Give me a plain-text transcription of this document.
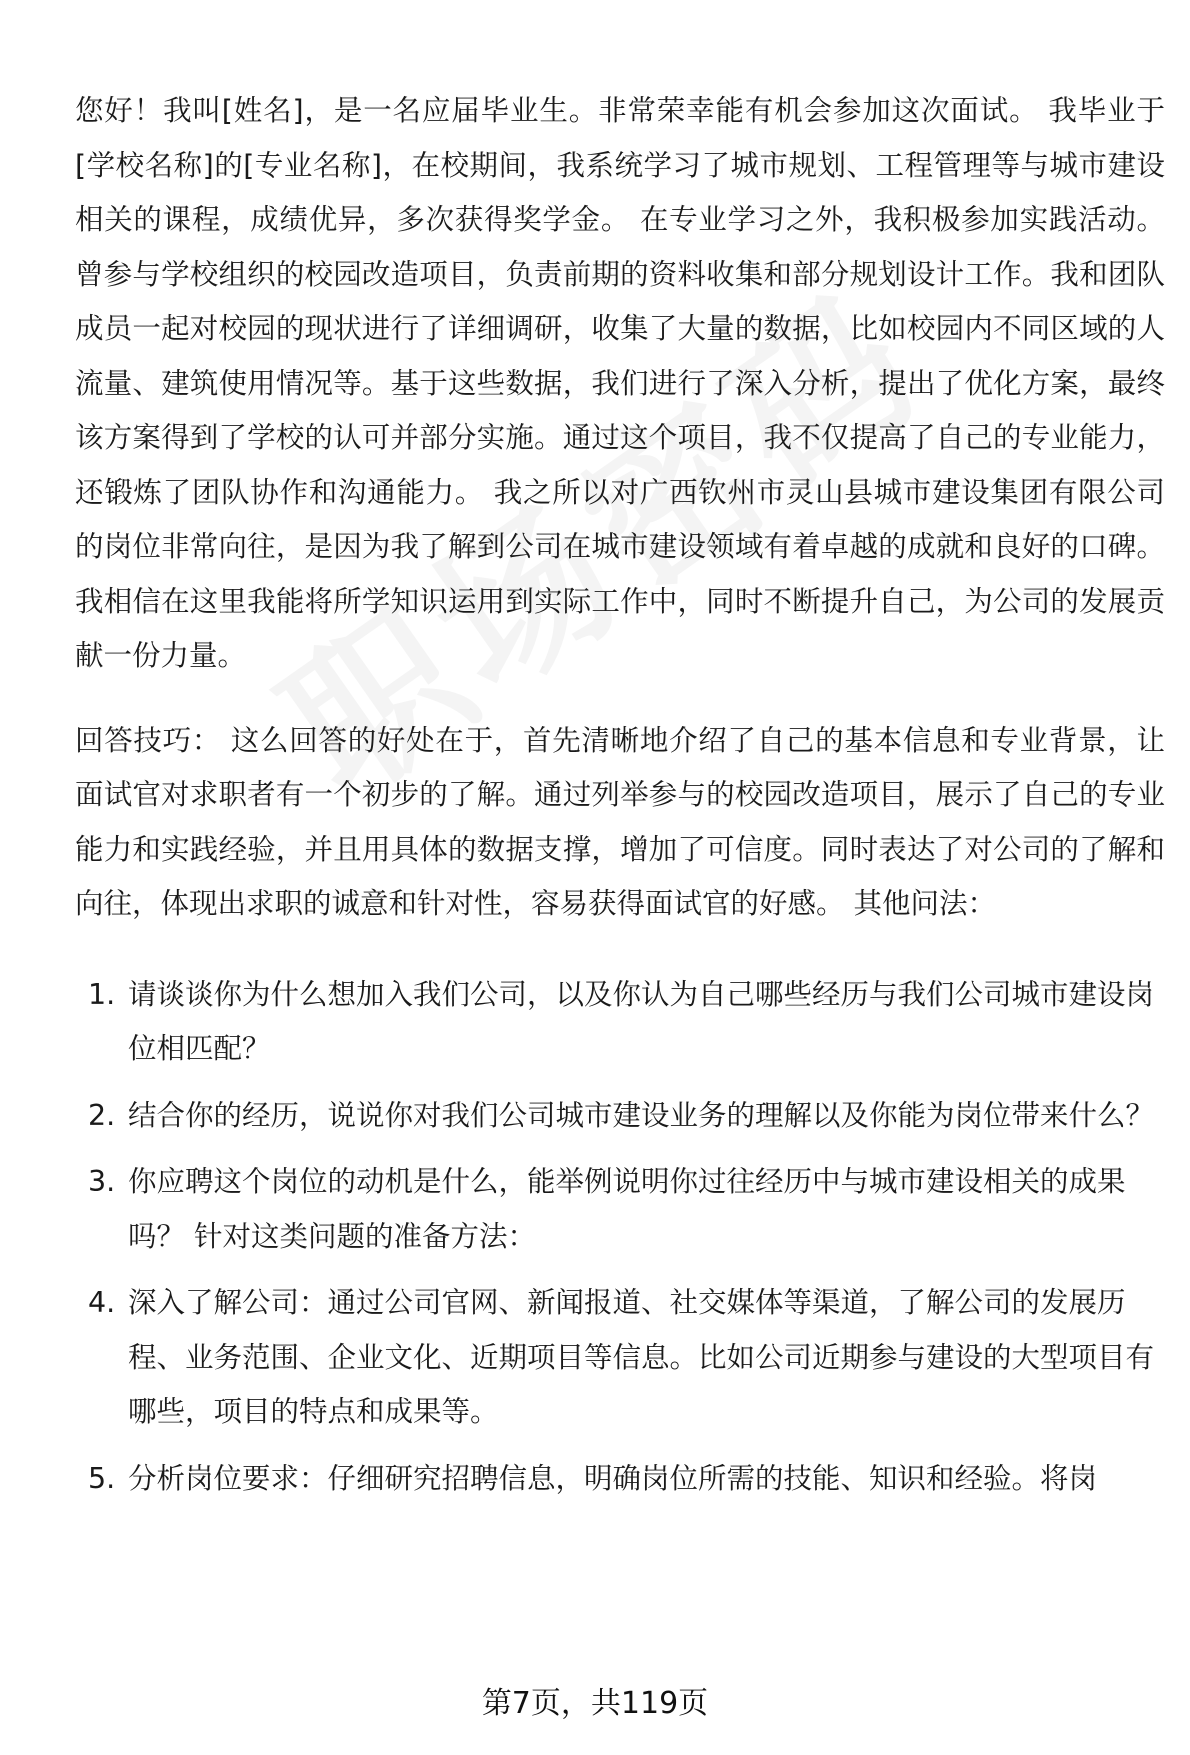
您好！我叫[姓名]，是一名应届毕业生。非常荣幸能有机会参加这次面试。 我毕业于[学校名称]的[专业名称]，在校期间，我系统学习了城市规划、工程管理等与城市建设相关的课程，成绩优异，多次获得奖学金。 在专业学习之外，我积极参加实践活动。曾参与学校组织的校园改造项目，负责前期的资料收集和部分规划设计工作。我和团队成员一起对校园的现状进行了详细调研，收集了大量的数据，比如校园内不同区域的人流量、建筑使用情况等。基于这些数据，我们进行了深入分析，提出了优化方案，最终该方案得到了学校的认可并部分实施。通过这个项目，我不仅提高了自己的专业能力，还锻炼了团队协作和沟通能力。 我之所以对广西钦州市灵山县城市建设集团有限公司的岗位非常向往，是因为我了解到公司在城市建设领域有着卓越的成就和良好的口碑。我相信在这里我能将所学知识运用到实际工作中，同时不断提升自己，为公司的发展贡献一份力量。

回答技巧： 这么回答的好处在于，首先清晰地介绍了自己的基本信息和专业背景，让面试官对求职者有一个初步的了解。通过列举参与的校园改造项目，展示了自己的专业能力和实践经验，并且用具体的数据支撑，增加了可信度。同时表达了对公司的了解和向往，体现出求职的诚意和针对性，容易获得面试官的好感。 其他问法：

1. 请谈谈你为什么想加入我们公司，以及你认为自己哪些经历与我们公司城市建设岗位相匹配？
2. 结合你的经历，说说你对我们公司城市建设业务的理解以及你能为岗位带来什么？
3. 你应聘这个岗位的动机是什么，能举例说明你过往经历中与城市建设相关的成果吗？ 针对这类问题的准备方法：
4. 深入了解公司：通过公司官网、新闻报道、社交媒体等渠道，了解公司的发展历程、业务范围、企业文化、近期项目等信息。比如公司近期参与建设的大型项目有哪些，项目的特点和成果等。
5. 分析岗位要求：仔细研究招聘信息，明确岗位所需的技能、知识和经验。将岗
第7页，共119页
